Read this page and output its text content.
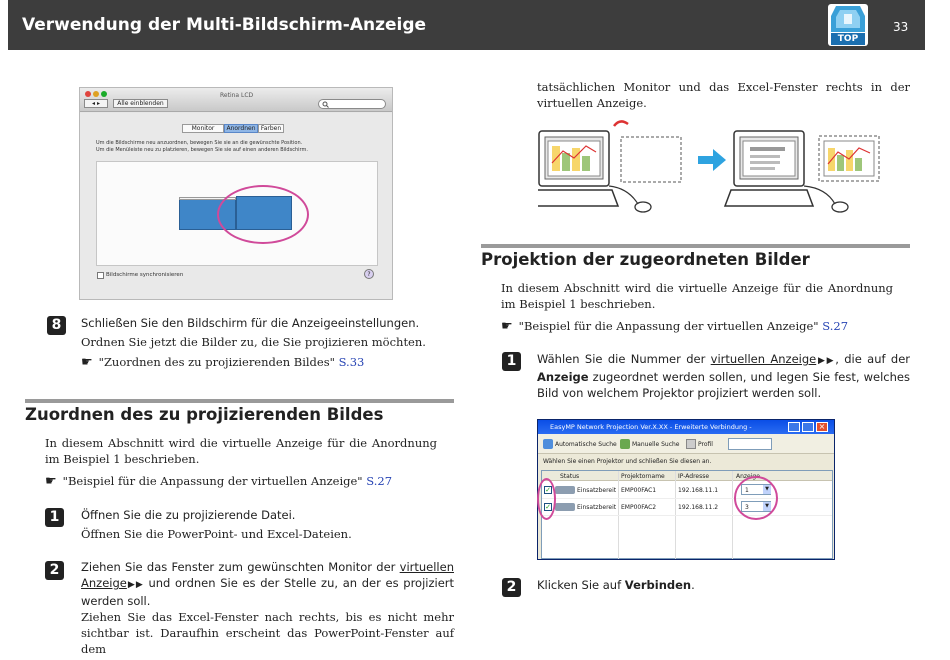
Verwendung der Multi-Bildschirm-Anzeige
TOP
33
◂ ▸	Alle einblenden
Retina LCD
Monitor	Anordnen Farben
Um die Bildschirme neu anzuordnen, bewegen Sie sie an die gewünschte Position.
Um die Menüleiste neu zu platzieren, bewegen Sie sie auf einen anderen Bildschirm.
Bildschirme synchronisieren	?
8	Schließen Sie den Bildschirm für die Anzeigeeinstellungen.
Ordnen Sie jetzt die Bilder zu, die Sie projizieren möchten.
☛ "Zuordnen des zu projizierenden Bildes" S.33
Zuordnen des zu projizierenden Bildes
In diesem Abschnitt wird die virtuelle Anzeige für die Anordnung im Beispiel 1 beschrieben.
☛ "Beispiel für die Anpassung der virtuellen Anzeige" S.27
1	Öffnen Sie die zu projizierende Datei.
Öffnen Sie die PowerPoint- und Excel-Dateien.
2	Ziehen Sie das Fenster zum gewünschten Monitor der virtuellen Anzeige▶▶ und ordnen Sie es der Stelle zu, an der es projiziert werden soll.
Ziehen Sie das Excel-Fenster nach rechts, bis es nicht mehr sichtbar ist. Daraufhin erscheint das PowerPoint-Fenster auf dem
tatsächlichen Monitor und das Excel-Fenster rechts in der virtuellen Anzeige.
Projektion der zugeordneten Bilder
In diesem Abschnitt wird die virtuelle Anzeige für die Anordnung im Beispiel 1 beschrieben.
☛ "Beispiel für die Anpassung der virtuellen Anzeige" S.27
1	Wählen Sie die Nummer der virtuellen Anzeige▶▶, die auf der Anzeige zugeordnet werden sollen, und legen Sie fest, welches Bild von welchem Projektor projiziert werden soll.
EasyMP Network Projection Ver.X.XX - Erweiterte Verbindung -	×
Automatische Suche	Manuelle Suche	Profil
Wählen Sie einen Projektor und schließen Sie diesen an.
Status	Projektorname IP-Adresse	Anzeige
✓	Einsatzbereit EMP00FAC1	192.168.11.1	1	▼
✓	Einsatzbereit EMP00FAC2	192.168.11.2	3	▼
2	Klicken Sie auf Verbinden.
